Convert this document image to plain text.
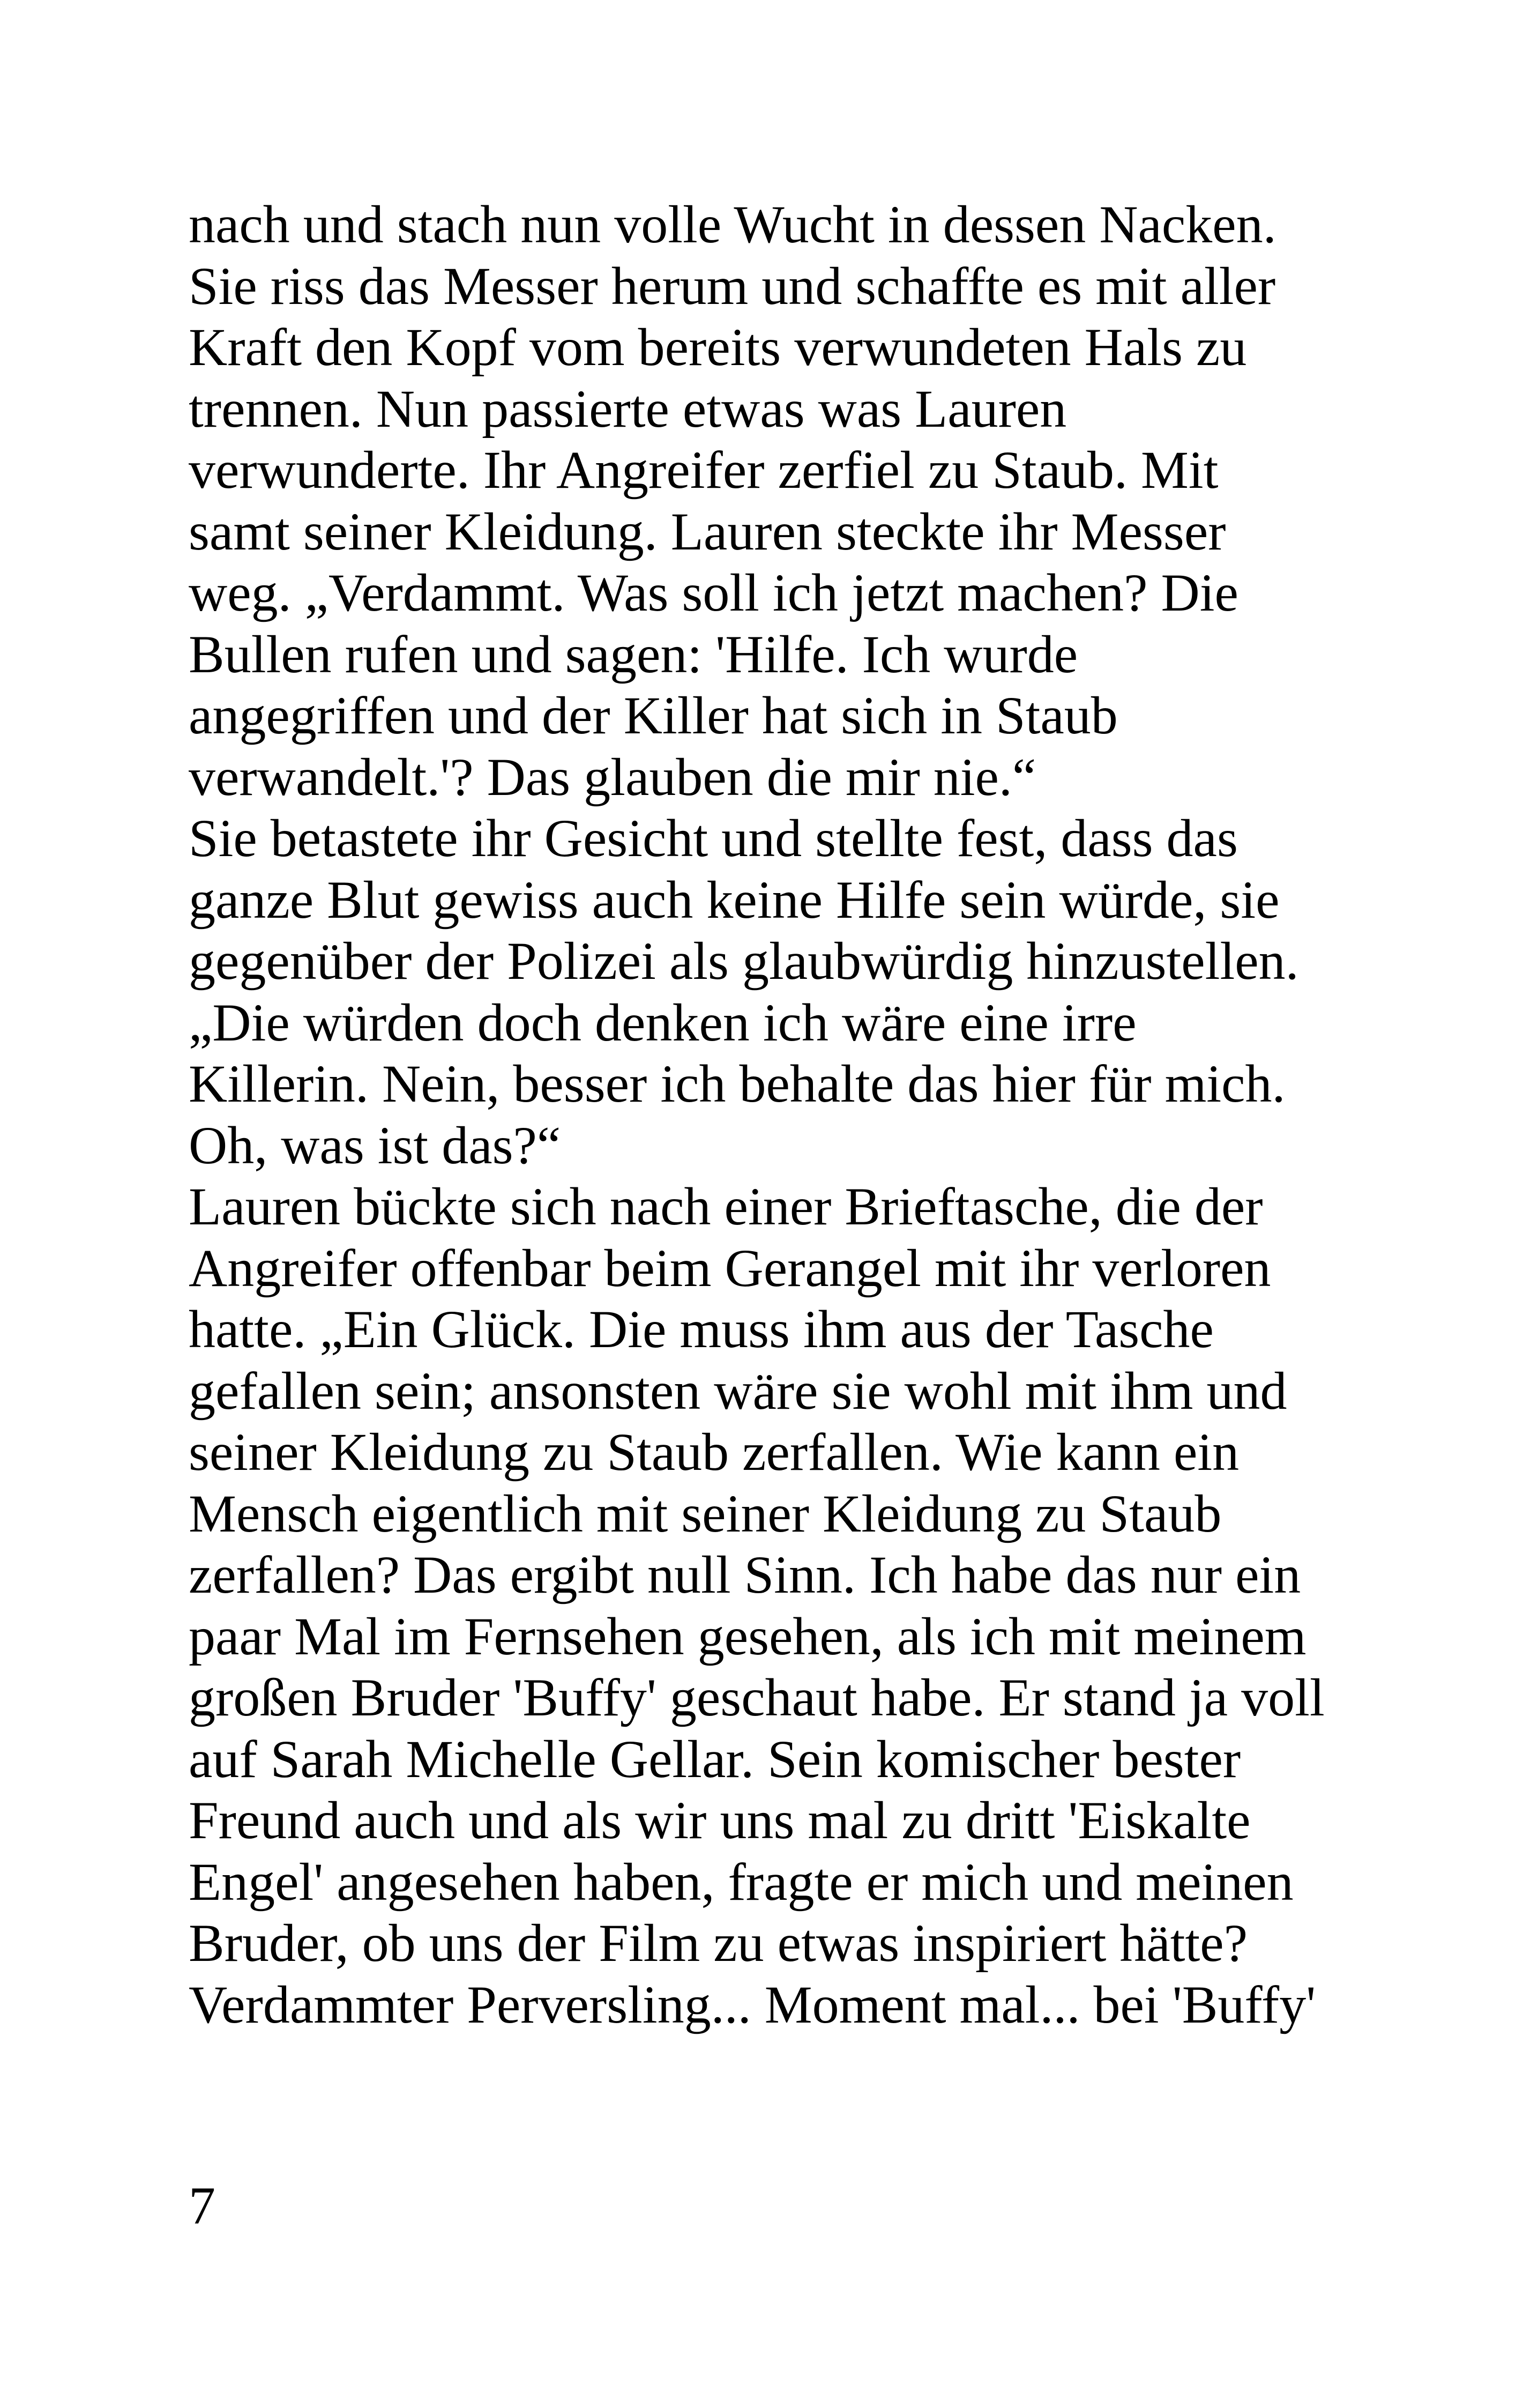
nach und stach nun volle Wucht in dessen Nacken.
Sie riss das Messer herum und schaffte es mit aller
Kraft den Kopf vom bereits verwundeten Hals zu
trennen. Nun passierte etwas was Lauren
verwunderte. Ihr Angreifer zerfiel zu Staub. Mit
samt seiner Kleidung. Lauren steckte ihr Messer
weg. „Verdammt. Was soll ich jetzt machen? Die
Bullen rufen und sagen: 'Hilfe. Ich wurde
angegriffen und der Killer hat sich in Staub
verwandelt.'? Das glauben die mir nie.“
Sie betastete ihr Gesicht und stellte fest, dass das
ganze Blut gewiss auch keine Hilfe sein würde, sie
gegenüber der Polizei als glaubwürdig hinzustellen.
„Die würden doch denken ich wäre eine irre
Killerin. Nein, besser ich behalte das hier für mich.
Oh, was ist das?“
Lauren bückte sich nach einer Brieftasche, die der
Angreifer offenbar beim Gerangel mit ihr verloren
hatte. „Ein Glück. Die muss ihm aus der Tasche
gefallen sein; ansonsten wäre sie wohl mit ihm und
seiner Kleidung zu Staub zerfallen. Wie kann ein
Mensch eigentlich mit seiner Kleidung zu Staub
zerfallen? Das ergibt null Sinn. Ich habe das nur ein
paar Mal im Fernsehen gesehen, als ich mit meinem
großen Bruder 'Buffy' geschaut habe. Er stand ja voll
auf Sarah Michelle Gellar. Sein komischer bester
Freund auch und als wir uns mal zu dritt 'Eiskalte
Engel' angesehen haben, fragte er mich und meinen
Bruder, ob uns der Film zu etwas inspiriert hätte?
Verdammter Perversling... Moment mal... bei 'Buffy'

7
